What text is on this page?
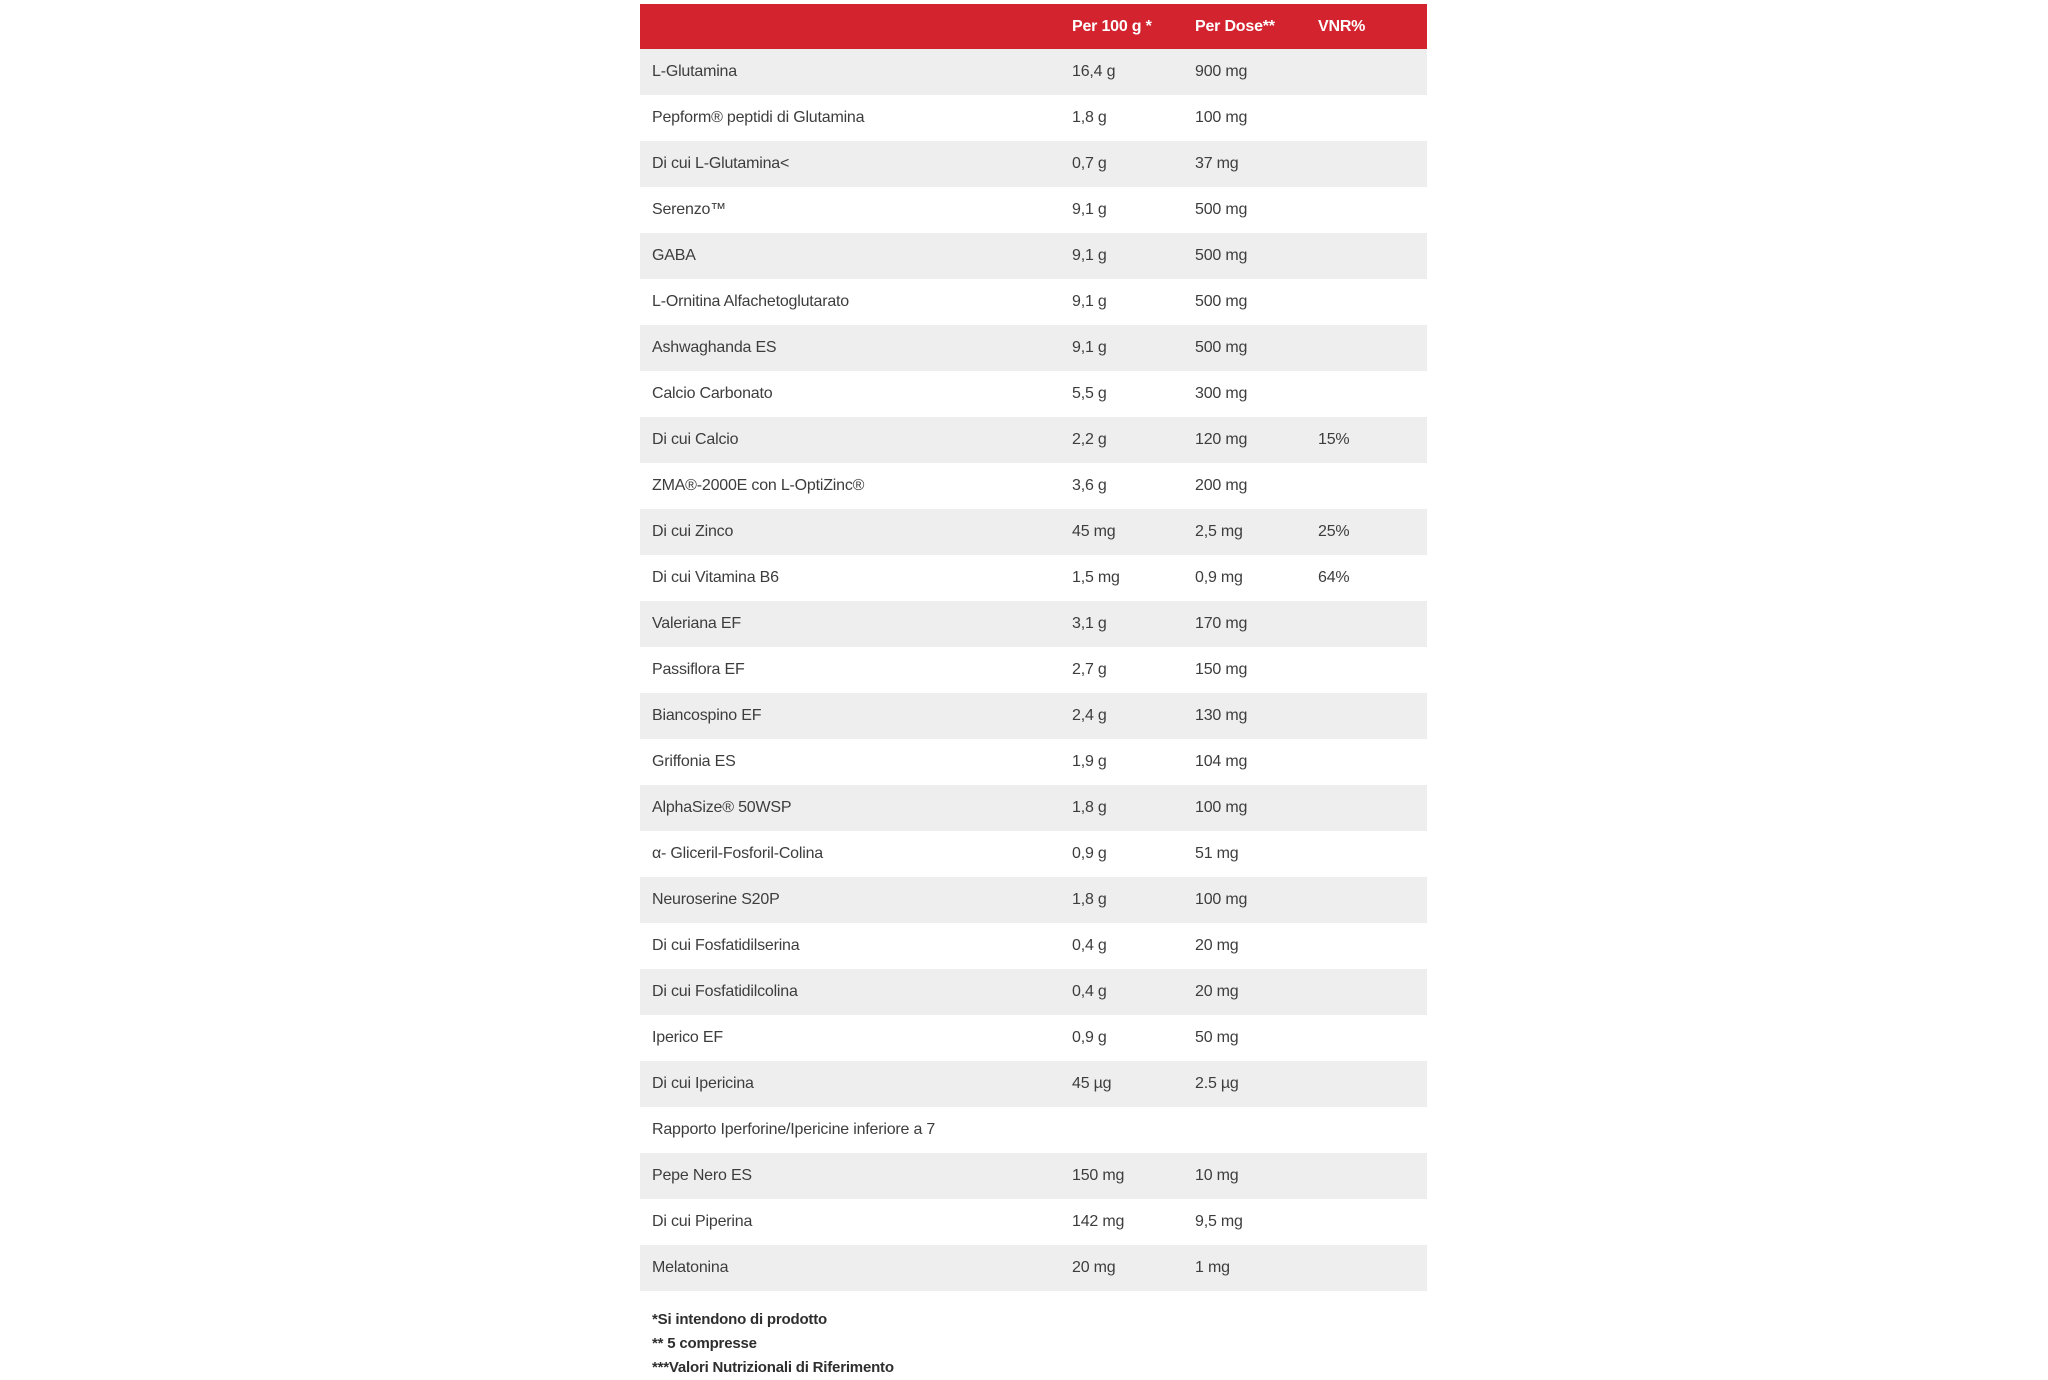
	Per 100 g *	Per Dose**	VNR%
L-Glutamina	16,4 g	900 mg	
Pepform® peptidi di Glutamina	1,8 g	100 mg	
Di cui L-Glutamina<	0,7 g	37 mg	
Serenzo™	9,1 g	500 mg	
GABA	9,1 g	500 mg	
L-Ornitina Alfachetoglutarato	9,1 g	500 mg	
Ashwaghanda ES	9,1 g	500 mg	
Calcio Carbonato	5,5 g	300 mg	
Di cui Calcio	2,2 g	120 mg	15%
ZMA®-2000E con L-OptiZinc®	3,6 g	200 mg	
Di cui Zinco	45 mg	2,5 mg	25%
Di cui Vitamina B6	1,5 mg	0,9 mg	64%
Valeriana EF	3,1 g	170 mg	
Passiflora EF	2,7 g	150 mg	
Biancospino EF	2,4 g	130 mg	
Griffonia ES	1,9 g	104 mg	
AlphaSize® 50WSP	1,8 g	100 mg	
α- Gliceril-Fosforil-Colina	0,9 g	51 mg	
Neuroserine S20P	1,8 g	100 mg	
Di cui Fosfatidilserina	0,4 g	20 mg	
Di cui Fosfatidilcolina	0,4 g	20 mg	
Iperico EF	0,9 g	50 mg	
Di cui Ipericina	45 µg	2.5 µg	
Rapporto Iperforine/Ipericine inferiore a 7			
Pepe Nero ES	150 mg	10 mg	
Di cui Piperina	142 mg	9,5 mg	
Melatonina	20 mg	1 mg	
*Si intendono di prodotto
** 5 compresse
***Valori Nutrizionali di Riferimento
